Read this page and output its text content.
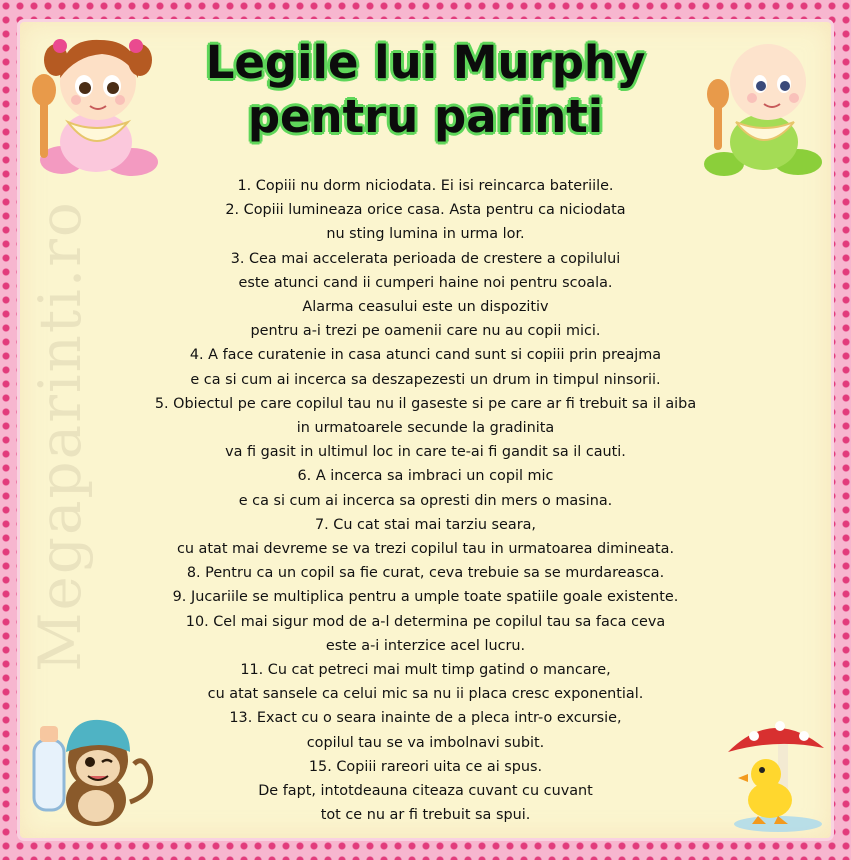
Megaparinti.ro
Legile lui Murphy
pentru parinti
1. Copiii nu dorm niciodata. Ei isi reincarca bateriile.
2. Copiii lumineaza orice casa. Asta pentru ca niciodata
nu sting lumina in urma lor.
3. Cea mai accelerata perioada de crestere a copilului
este atunci cand ii cumperi haine noi pentru scoala.
Alarma ceasului este un dispozitiv
pentru a-i trezi pe oamenii care nu au copii mici.
4. A face curatenie in casa atunci cand sunt si copiii prin preajma
e ca si cum ai incerca sa deszapezesti un drum in timpul ninsorii.
5. Obiectul pe care copilul tau nu il gaseste si pe care ar fi trebuit sa il aiba
in urmatoarele secunde la gradinita
va fi gasit in ultimul loc in care te-ai fi gandit sa il cauti.
6. A incerca sa imbraci un copil mic
e ca si cum ai incerca sa opresti din mers o masina.
7. Cu cat stai mai tarziu seara,
cu atat mai devreme se va trezi copilul tau in urmatoarea dimineata.
8. Pentru ca un copil sa fie curat, ceva trebuie sa se murdareasca.
9. Jucariile se multiplica pentru a umple toate spatiile goale existente.
10. Cel mai sigur mod de a-l determina pe copilul tau sa faca ceva
este a-i interzice acel lucru.
11. Cu cat petreci mai mult timp gatind o mancare,
cu atat sansele ca celui mic sa nu ii placa cresc exponential.
13. Exact cu o seara inainte de a pleca intr-o excursie,
copilul tau se va imbolnavi subit.
15. Copiii rareori uita ce ai spus.
De fapt, intotdeauna citeaza cuvant cu cuvant
tot ce nu ar fi trebuit sa spui.
